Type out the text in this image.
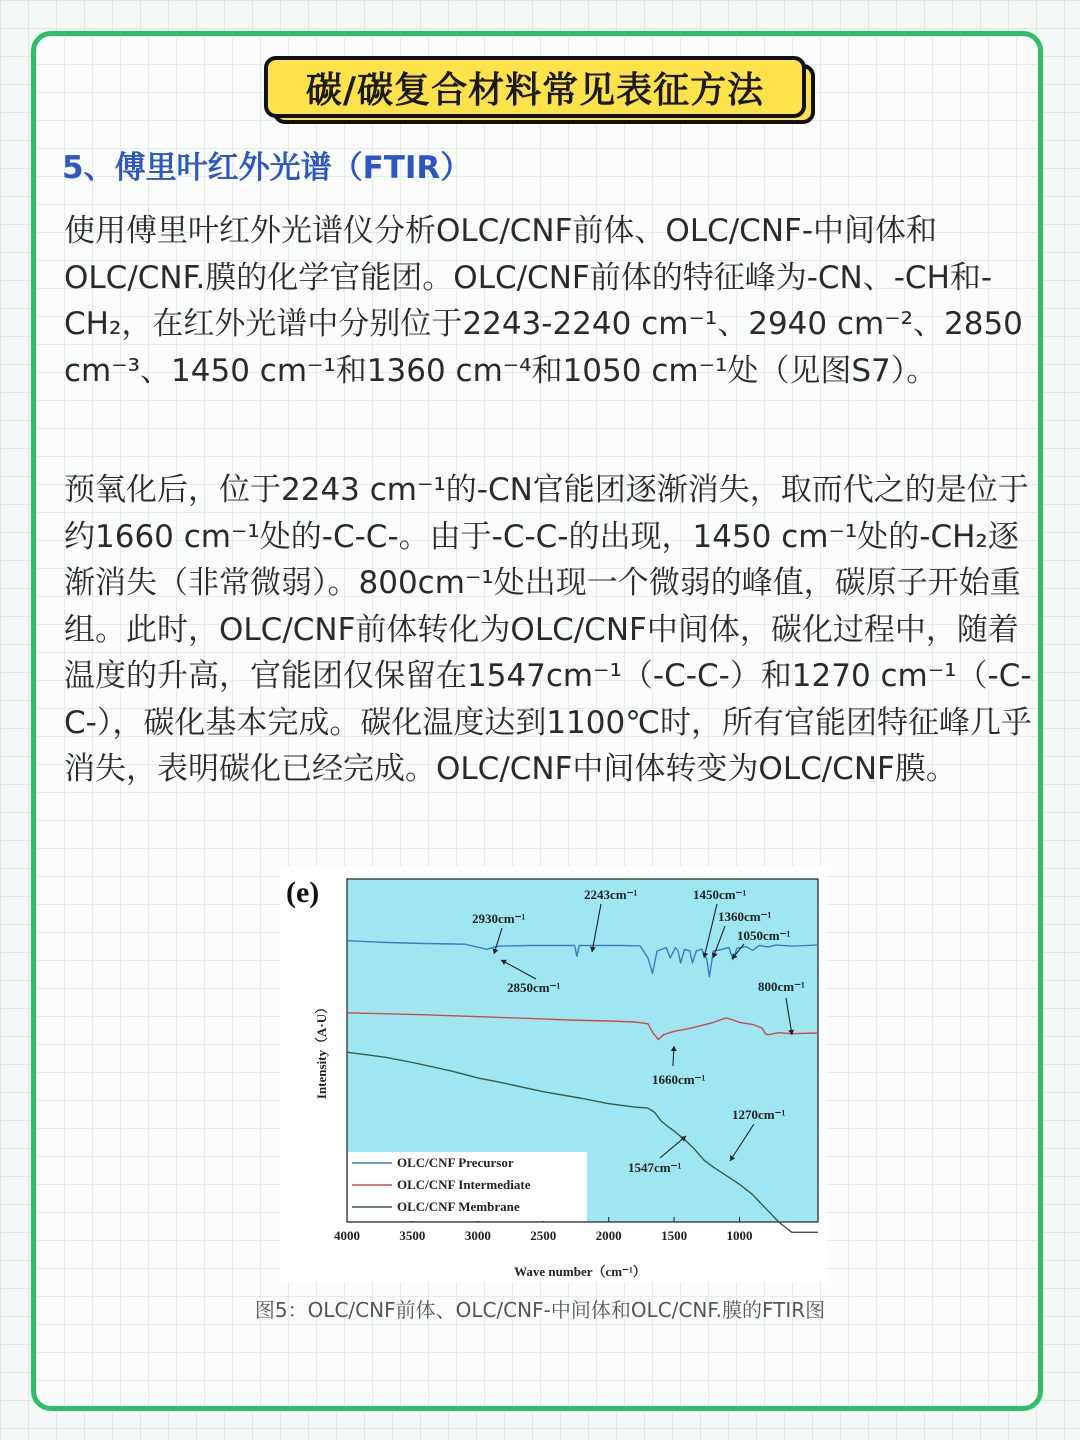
碳/碳复合材料常见表征方法
5、傅里叶红外光谱（FTIR）
使用傅里叶红外光谱仪分析OLC/CNF前体、OLC/CNF-中间体和OLC/CNF.膜的化学官能团。OLC/CNF前体的特征峰为-CN、-CH和-CH₂，在红外光谱中分别位于2243-2240 cm⁻¹、2940 cm⁻²、2850 cm⁻³、1450 cm⁻¹和1360 cm⁻⁴和1050 cm⁻¹处（见图S7）。
预氧化后，位于2243 cm⁻¹的-CN官能团逐渐消失，取而代之的是位于约1660 cm⁻¹处的-C-C-。由于-C-C-的出现，1450 cm⁻¹处的-CH₂逐渐消失（非常微弱）。800cm⁻¹处出现一个微弱的峰值，碳原子开始重组。此时，OLC/CNF前体转化为OLC/CNF中间体，碳化过程中，随着温度的升高，官能团仅保留在1547cm⁻¹（-C-C-）和1270 cm⁻¹（-C-C-），碳化基本完成。碳化温度达到1100℃时，所有官能团特征峰几乎消失，表明碳化已经完成。OLC/CNF中间体转变为OLC/CNF膜。
(e)
Intensity（A·U）
Wave number（cm⁻¹）
4000	3500	3000	2500	2000	1500	1000
2930cm⁻¹
2850cm⁻¹
2243cm⁻¹	1450cm⁻¹
1360cm⁻¹
1050cm⁻¹
800cm⁻¹
1660cm⁻¹
1270cm⁻¹
1547cm⁻¹
OLC/CNF Precursor
OLC/CNF Intermediate
OLC/CNF Membrane
图5：OLC/CNF前体、OLC/CNF-中间体和OLC/CNF.膜的FTIR图
